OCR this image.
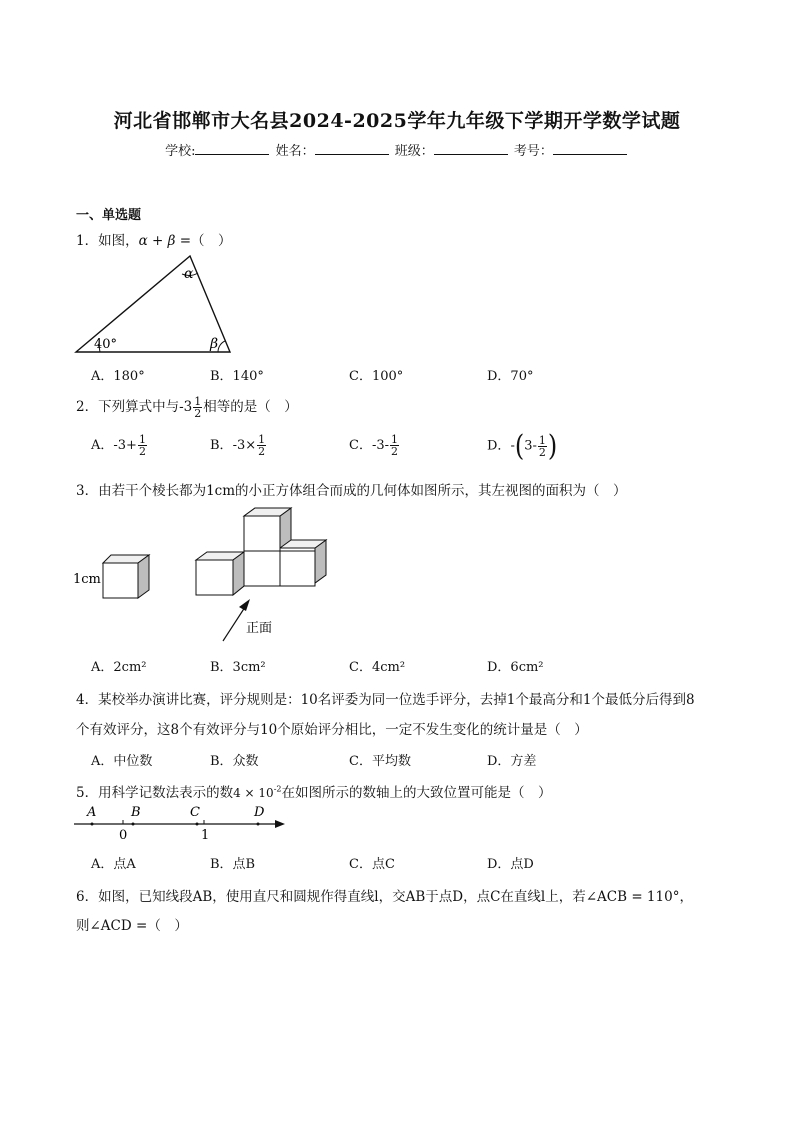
河北省邯郸市大名县2024-2025学年九年级下学期开学数学试题
学校:	姓名：	班级：	考号：
一、单选题
1．如图，α + β =（　）
α
β
40°
A．180°	B．140°	C．100°	D．70°
2．下列算式中与$-3 \frac{1}{2}$ 相等的是（　）
A．$-3+ \frac{1}{2}$	B．$-3\times \frac{1}{2}$	C．$-3- \frac{1}{2}$	D．$-(3- \frac{1}{2}$ )
3．由若干个棱长都为1cm的小正方体组合而成的几何体如图所示，其左视图的面积为（　）
1cm
正面
A．2cm²	B．3cm²	C．4cm²	D．6cm²
4．某校举办演讲比赛，评分规则是：10名评委为同一位选手评分，去掉1个最高分和1个最低分后得到8
个有效评分，这8个有效评分与10个原始评分相比，一定不发生变化的统计量是（　）
A．中位数	B．众数	C．平均数	D．方差
5．用科学记数法表示的数$4 \times 10^{-2}$在如图所示的数轴上的大致位置可能是（　）
A	B	C	D
0	1
A．点A	B．点B	C．点C	D．点D
6．如图，已知线段AB，使用直尺和圆规作得直线l，交AB于点D，点C在直线l上，若∠ACB = 110°，
则∠ACD =（　）
